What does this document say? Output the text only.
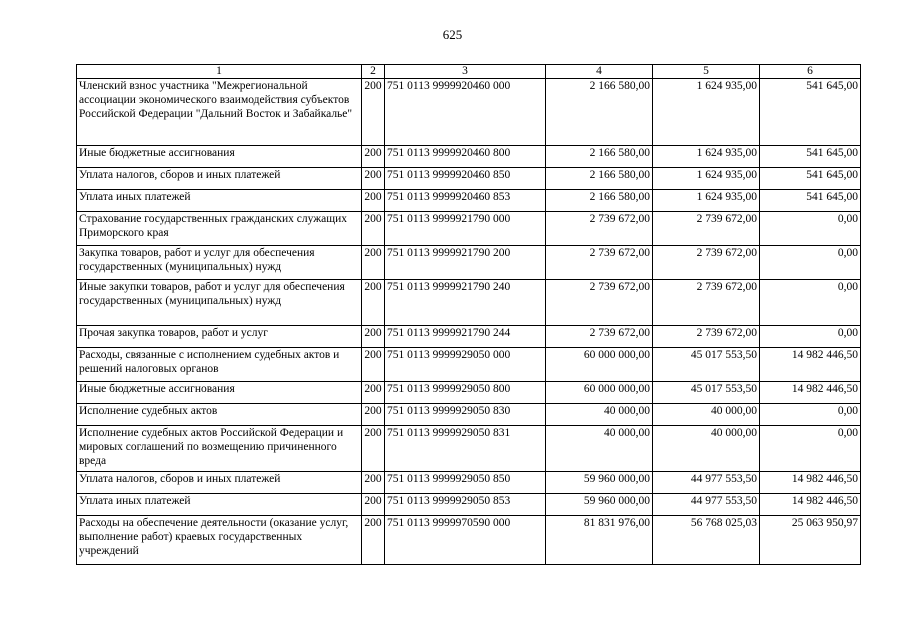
625
1	2	3	4	5	6
Членский взнос участника "Межрегиональной ассоциации экономического взаимодействия субъектов Российской Федерации "Дальний Восток и Забайкалье"	200	751 0113 9999920460 000	2 166 580,00	1 624 935,00	541 645,00
Иные бюджетные ассигнования	200	751 0113 9999920460 800	2 166 580,00	1 624 935,00	541 645,00
Уплата налогов, сборов и иных платежей	200	751 0113 9999920460 850	2 166 580,00	1 624 935,00	541 645,00
Уплата иных платежей	200	751 0113 9999920460 853	2 166 580,00	1 624 935,00	541 645,00
Страхование государственных гражданских служащих Приморского края	200	751 0113 9999921790 000	2 739 672,00	2 739 672,00	0,00
Закупка товаров, работ и услуг для обеспечения государственных (муниципальных) нужд	200	751 0113 9999921790 200	2 739 672,00	2 739 672,00	0,00
Иные закупки товаров, работ и услуг для обеспечения государственных (муниципальных) нужд	200	751 0113 9999921790 240	2 739 672,00	2 739 672,00	0,00
Прочая закупка товаров, работ и услуг	200	751 0113 9999921790 244	2 739 672,00	2 739 672,00	0,00
Расходы, связанные с исполнением судебных актов и решений налоговых органов	200	751 0113 9999929050 000	60 000 000,00	45 017 553,50	14 982 446,50
Иные бюджетные ассигнования	200	751 0113 9999929050 800	60 000 000,00	45 017 553,50	14 982 446,50
Исполнение судебных актов	200	751 0113 9999929050 830	40 000,00	40 000,00	0,00
Исполнение судебных актов Российской Федерации и мировых соглашений по возмещению причиненного вреда	200	751 0113 9999929050 831	40 000,00	40 000,00	0,00
Уплата налогов, сборов и иных платежей	200	751 0113 9999929050 850	59 960 000,00	44 977 553,50	14 982 446,50
Уплата иных платежей	200	751 0113 9999929050 853	59 960 000,00	44 977 553,50	14 982 446,50
Расходы на обеспечение деятельности (оказание услуг, выполнение работ) краевых государственных учреждений	200	751 0113 9999970590 000	81 831 976,00	56 768 025,03	25 063 950,97
